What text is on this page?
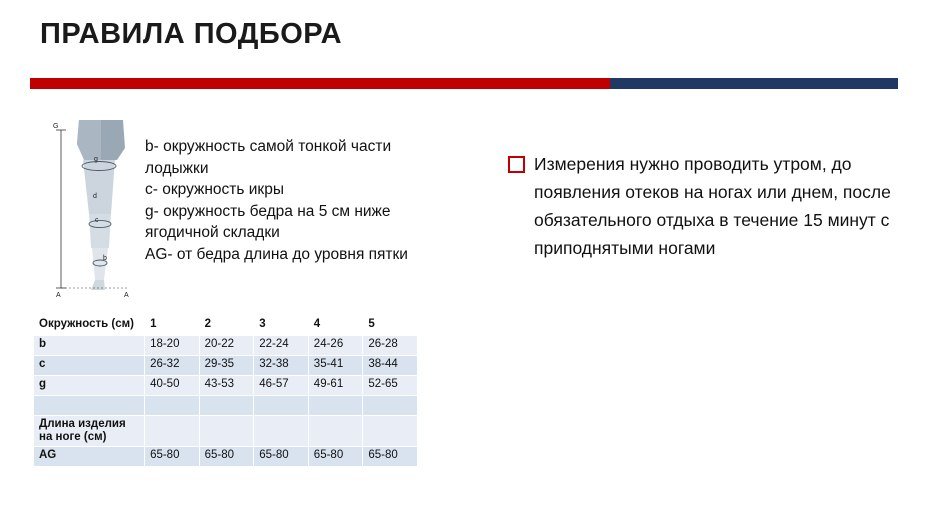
ПРАВИЛА ПОДБОРА
G
g
d
c
b
A	A

b- окружность самой тонкой части лодыжки

c- окружность икры

g- окружность бедра на 5 см ниже ягодичной складки

AG- от бедра длина до уровня пятки

Измерения нужно проводить утром, до появления отеков на ногах или днем, после обязательного отдыха в течение 15 минут с приподнятыми ногами
Окружность (см)	1	2	3	4	5
b	18-20	20-22	22-24	24-26	26-28
c	26-32	29-35	32-38	35-41	38-44
g	40-50	43-53	46-57	49-61	52-65

Длина изделия на ноге (см)					
AG	65-80	65-80	65-80	65-80	65-80
